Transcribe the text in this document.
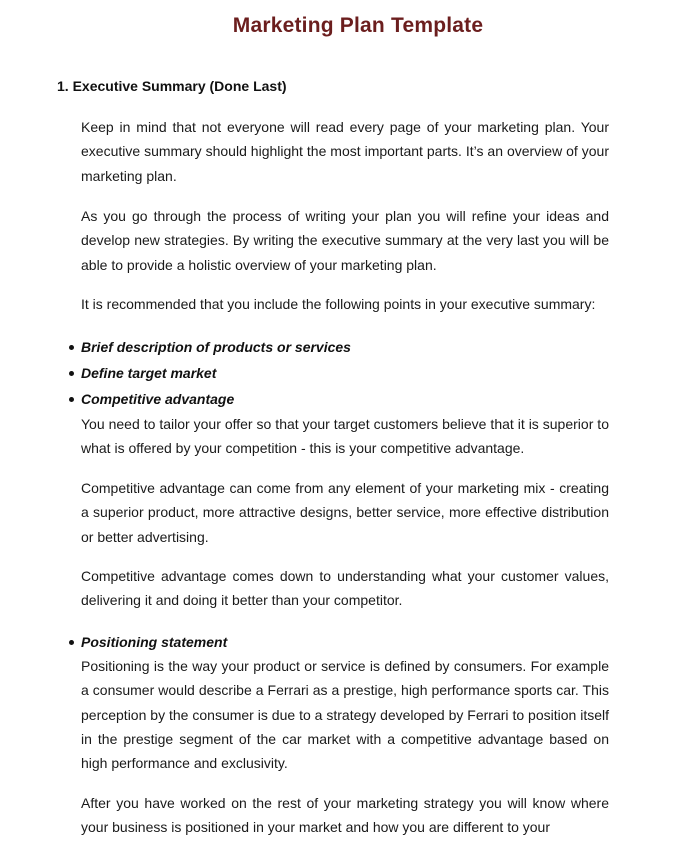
Marketing Plan Template
1. Executive Summary (Done Last)
Keep in mind that not everyone will read every page of your marketing plan. Your executive summary should highlight the most important parts. It’s an overview of your marketing plan.
As you go through the process of writing your plan you will refine your ideas and develop new strategies. By writing the executive summary at the very last you will be able to provide a holistic overview of your marketing plan.
It is recommended that you include the following points in your executive summary:
Brief description of products or services
Define target market
Competitive advantage
You need to tailor your offer so that your target customers believe that it is superior to what is offered by your competition - this is your competitive advantage.
Competitive advantage can come from any element of your marketing mix - creating a superior product, more attractive designs, better service, more effective distribution or better advertising.
Competitive advantage comes down to understanding what your customer values, delivering it and doing it better than your competitor.
Positioning statement
Positioning is the way your product or service is defined by consumers. For example a consumer would describe a Ferrari as a prestige, high performance sports car. This perception by the consumer is due to a strategy developed by Ferrari to position itself in the prestige segment of the car market with a competitive advantage based on high performance and exclusivity.
After you have worked on the rest of your marketing strategy you will know where your business is positioned in your market and how you are different to your
